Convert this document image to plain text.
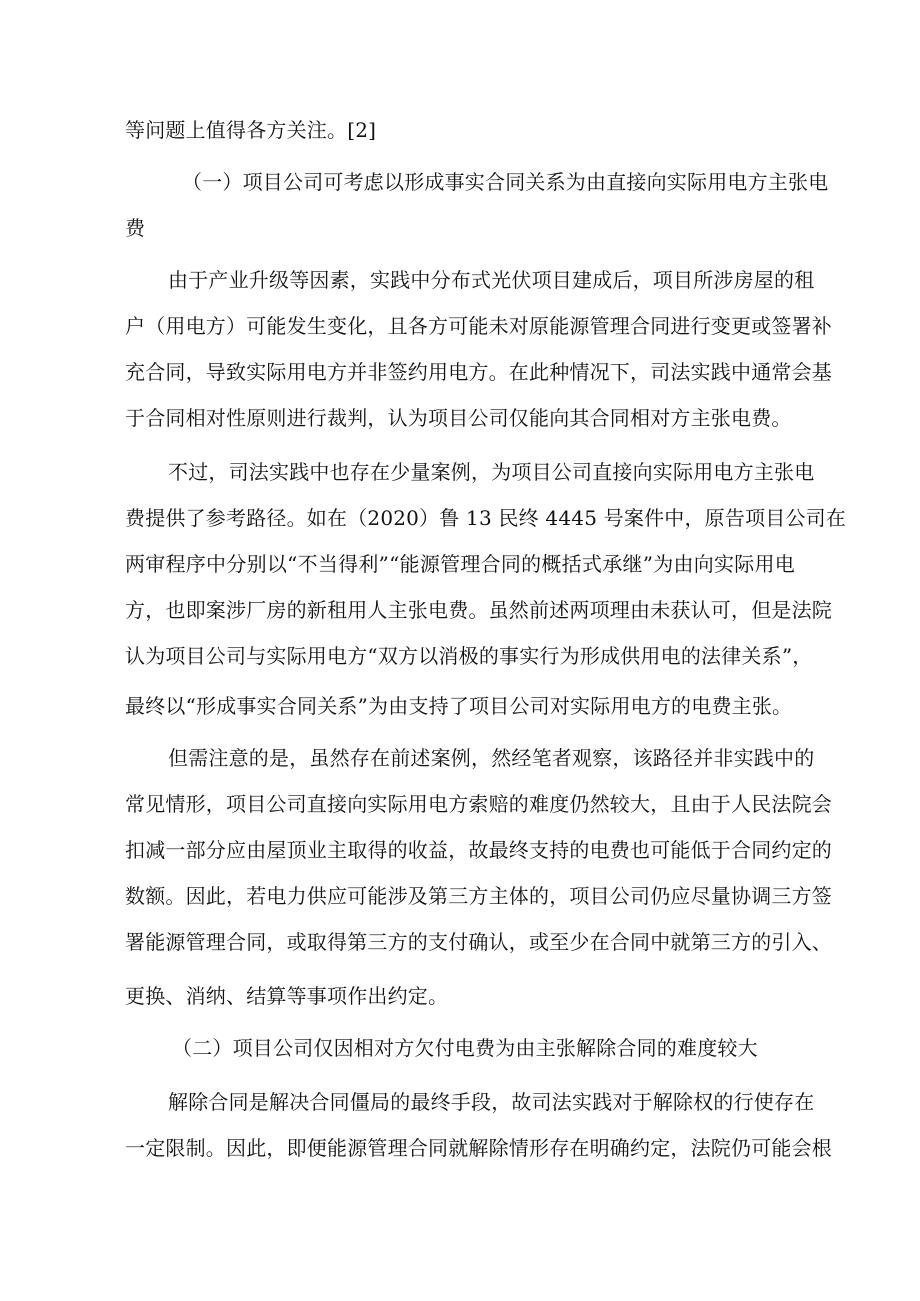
等问题上值得各方关注。[2]
（一）项目公司可考虑以形成事实合同关系为由直接向实际用电方主张电
费
由于产业升级等因素，实践中分布式光伏项目建成后，项目所涉房屋的租
户（用电方）可能发生变化，且各方可能未对原能源管理合同进行变更或签署补
充合同，导致实际用电方并非签约用电方。在此种情况下，司法实践中通常会基
于合同相对性原则进行裁判，认为项目公司仅能向其合同相对方主张电费。
不过，司法实践中也存在少量案例，为项目公司直接向实际用电方主张电
费提供了参考路径。如在（2020）鲁 13 民终 4445 号案件中，原告项目公司在
两审程序中分别以“不当得利”“能源管理合同的概括式承继”为由向实际用电
方，也即案涉厂房的新租用人主张电费。虽然前述两项理由未获认可，但是法院
认为项目公司与实际用电方“双方以消极的事实行为形成供用电的法律关系”，
最终以“形成事实合同关系”为由支持了项目公司对实际用电方的电费主张。
但需注意的是，虽然存在前述案例，然经笔者观察，该路径并非实践中的
常见情形，项目公司直接向实际用电方索赔的难度仍然较大，且由于人民法院会
扣减一部分应由屋顶业主取得的收益，故最终支持的电费也可能低于合同约定的
数额。因此，若电力供应可能涉及第三方主体的，项目公司仍应尽量协调三方签
署能源管理合同，或取得第三方的支付确认，或至少在合同中就第三方的引入、
更换、消纳、结算等事项作出约定。
（二）项目公司仅因相对方欠付电费为由主张解除合同的难度较大
解除合同是解决合同僵局的最终手段，故司法实践对于解除权的行使存在
一定限制。因此，即便能源管理合同就解除情形存在明确约定，法院仍可能会根
